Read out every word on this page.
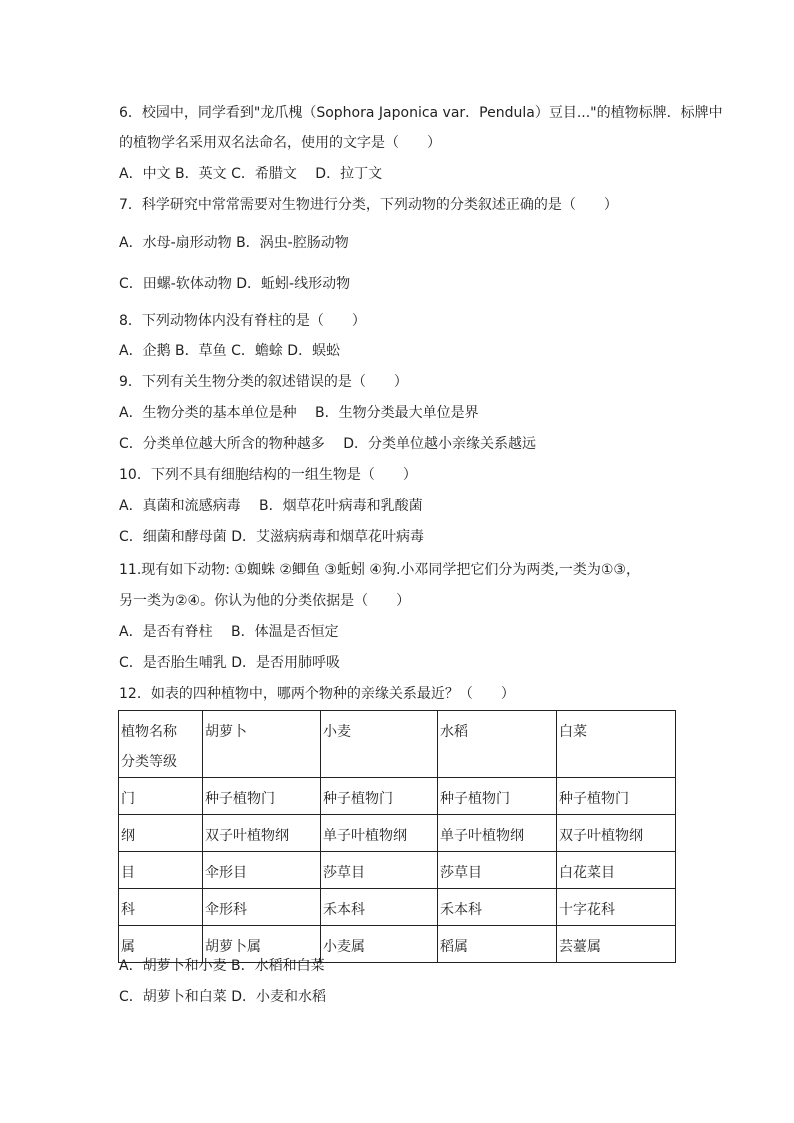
6．校园中，同学看到"龙爪槐（Sophora Japonica var．Pendula）豆目..."的植物标牌．标牌中
的植物学名采用双名法命名，使用的文字是（　　）
A．中文 B．英文 C．希腊文　 D．拉丁文
7．科学研究中常常需要对生物进行分类，下列动物的分类叙述正确的是（　　）
A．水母-扇形动物 B．涡虫-腔肠动物
C．田螺-软体动物 D．蚯蚓-线形动物
8．下列动物体内没有脊柱的是（　　）
A．企鹅 B．草鱼 C．蟾蜍 D．蜈蚣
9．下列有关生物分类的叙述错误的是（　　）
A．生物分类的基本单位是种　 B．生物分类最大单位是界
C．分类单位越大所含的物种越多　 D．分类单位越小亲缘关系越远
10．下列不具有细胞结构的一组生物是（　　）
A．真菌和流感病毒　 B．烟草花叶病毒和乳酸菌
C．细菌和酵母菌 D．艾滋病病毒和烟草花叶病毒
11.现有如下动物: ①蜘蛛 ②鲫鱼 ③蚯蚓 ④狗.小邓同学把它们分为两类,一类为①③，
另一类为②④。你认为他的分类依据是（　　）
A．是否有脊柱　 B．体温是否恒定
C．是否胎生哺乳 D．是否用肺呼吸
12．如表的四种植物中，哪两个物种的亲缘关系最近？（　　）
植物名称
分类等级	胡萝卜	小麦	水稻	白菜
门	种子植物门	种子植物门	种子植物门	种子植物门
纲	双子叶植物纲	单子叶植物纲	单子叶植物纲	双子叶植物纲
目	伞形目	莎草目	莎草目	白花菜目
科	伞形科	禾本科	禾本科	十字花科
属	胡萝卜属	小麦属	稻属	芸薹属
A．胡萝卜和小麦 B．水稻和白菜
C．胡萝卜和白菜 D．小麦和水稻
